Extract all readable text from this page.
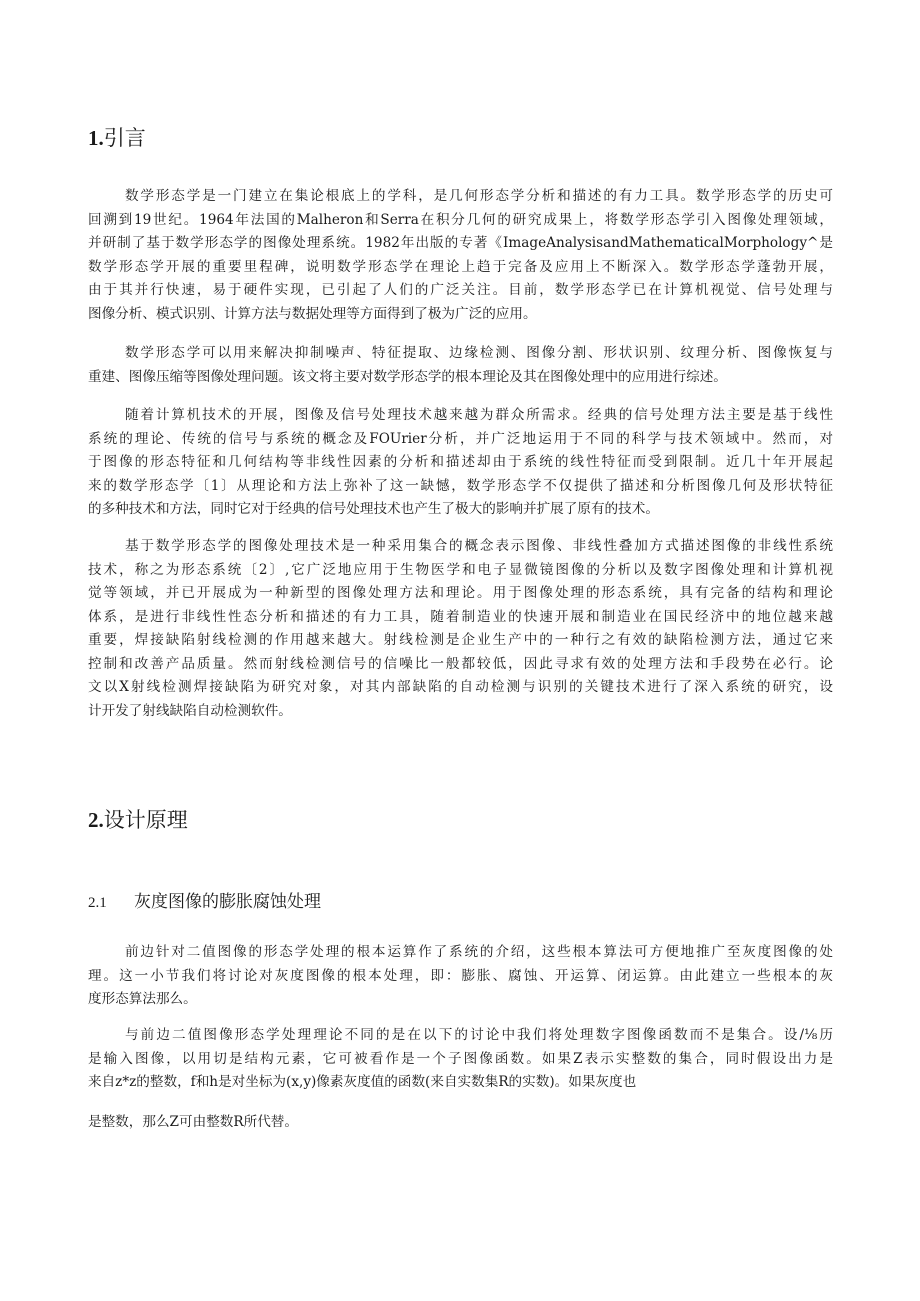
1.引言
数学形态学是一门建立在集论根底上的学科，是几何形态学分析和描述的有力工具。数学形态学的历史可
回溯到19世纪。1964年法国的Malheron和Serra在积分几何的研究成果上，将数学形态学引入图像处理领域，
并研制了基于数学形态学的图像处理系统。1982年出版的专著《ImageAnalysisandMathematicalMorphology^是
数学形态学开展的重要里程碑，说明数学形态学在理论上趋于完备及应用上不断深入。数学形态学蓬勃开展，
由于其并行快速，易于硬件实现，已引起了人们的广泛关注。目前，数学形态学已在计算机视觉、信号处理与
图像分析、模式识别、计算方法与数据处理等方面得到了极为广泛的应用。
数学形态学可以用来解决抑制噪声、特征提取、边缘检测、图像分割、形状识别、纹理分析、图像恢复与
重建、图像压缩等图像处理问题。该文将主要对数学形态学的根本理论及其在图像处理中的应用进行综述。
随着计算机技术的开展，图像及信号处理技术越来越为群众所需求。经典的信号处理方法主要是基于线性
系统的理论、传统的信号与系统的概念及FOUrier分析，并广泛地运用于不同的科学与技术领域中。然而，对
于图像的形态特征和几何结构等非线性因素的分析和描述却由于系统的线性特征而受到限制。近几十年开展起
来的数学形态学〔1〕从理论和方法上弥补了这一缺憾，数学形态学不仅提供了描述和分析图像几何及形状特征
的多种技术和方法，同时它对于经典的信号处理技术也产生了极大的影响并扩展了原有的技术。
基于数学形态学的图像处理技术是一种采用集合的概念表示图像、非线性叠加方式描述图像的非线性系统
技术，称之为形态系统〔2〕,它广泛地应用于生物医学和电子显微镜图像的分析以及数字图像处理和计算机视
觉等领域，并已开展成为一种新型的图像处理方法和理论。用于图像处理的形态系统，具有完备的结构和理论
体系，是进行非线性性态分析和描述的有力工具，随着制造业的快速开展和制造业在国民经济中的地位越来越
重要，焊接缺陷射线检测的作用越来越大。射线检测是企业生产中的一种行之有效的缺陷检测方法，通过它来
控制和改善产品质量。然而射线检测信号的信噪比一般都较低，因此寻求有效的处理方法和手段势在必行。论
文以X射线检测焊接缺陷为研究对象，对其内部缺陷的自动检测与识别的关键技术进行了深入系统的研究，设
计开发了射线缺陷自动检测软件。
2.设计原理
2.1 灰度图像的膨胀腐蚀处理
前边针对二值图像的形态学处理的根本运算作了系统的介绍，这些根本算法可方便地推广至灰度图像的处
理。这一小节我们将讨论对灰度图像的根本处理，即：膨胀、腐蚀、开运算、闭运算。由此建立一些根本的灰
度形态算法那么。
与前边二值图像形态学处理理论不同的是在以下的讨论中我们将处理数字图像函数而不是集合。设/⅛历
是输入图像，以用切是结构元素，它可被看作是一个子图像函数。如果Z表示实整数的集合，同时假设出力是
来自z*z的整数，f和h是对坐标为(x,y)像素灰度值的函数(来自实数集R的实数)。如果灰度也
是整数，那么Z可由整数R所代替。
